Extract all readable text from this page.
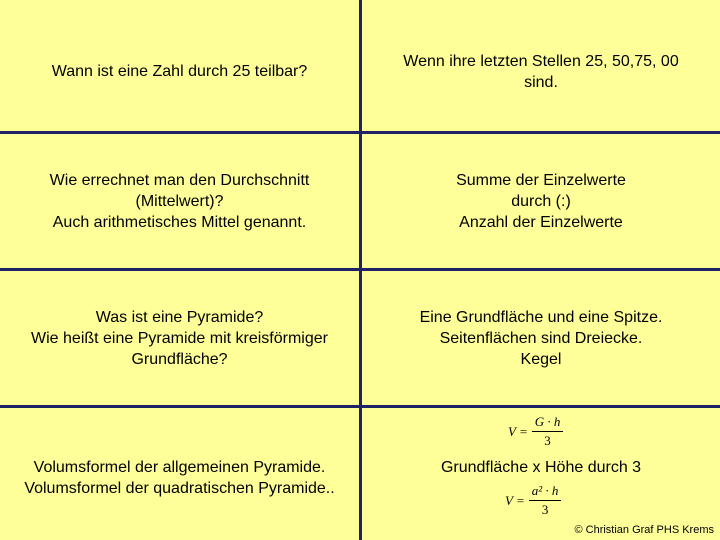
Wann ist eine Zahl durch 25 teilbar?
Wenn ihre letzten Stellen 25, 50,75, 00
sind.
Wie errechnet man den Durchschnitt
(Mittelwert)?
Auch arithmetisches Mittel genannt.
Summe der Einzelwerte
durch (:)
Anzahl der Einzelwerte
Was ist eine Pyramide?
Wie heißt eine Pyramide mit kreisförmiger
Grundfläche?
Eine Grundfläche und eine Spitze.
Seitenflächen sind Dreiecke.
Kegel
Volumsformel der allgemeinen Pyramide.
Volumsformel der quadratischen Pyramide..
Grundfläche x Höhe durch 3
$V = \frac{G \cdot h}{3}$
$V = \frac{\text{a² · h}}{3}$
© Christian Graf PHS Krems
